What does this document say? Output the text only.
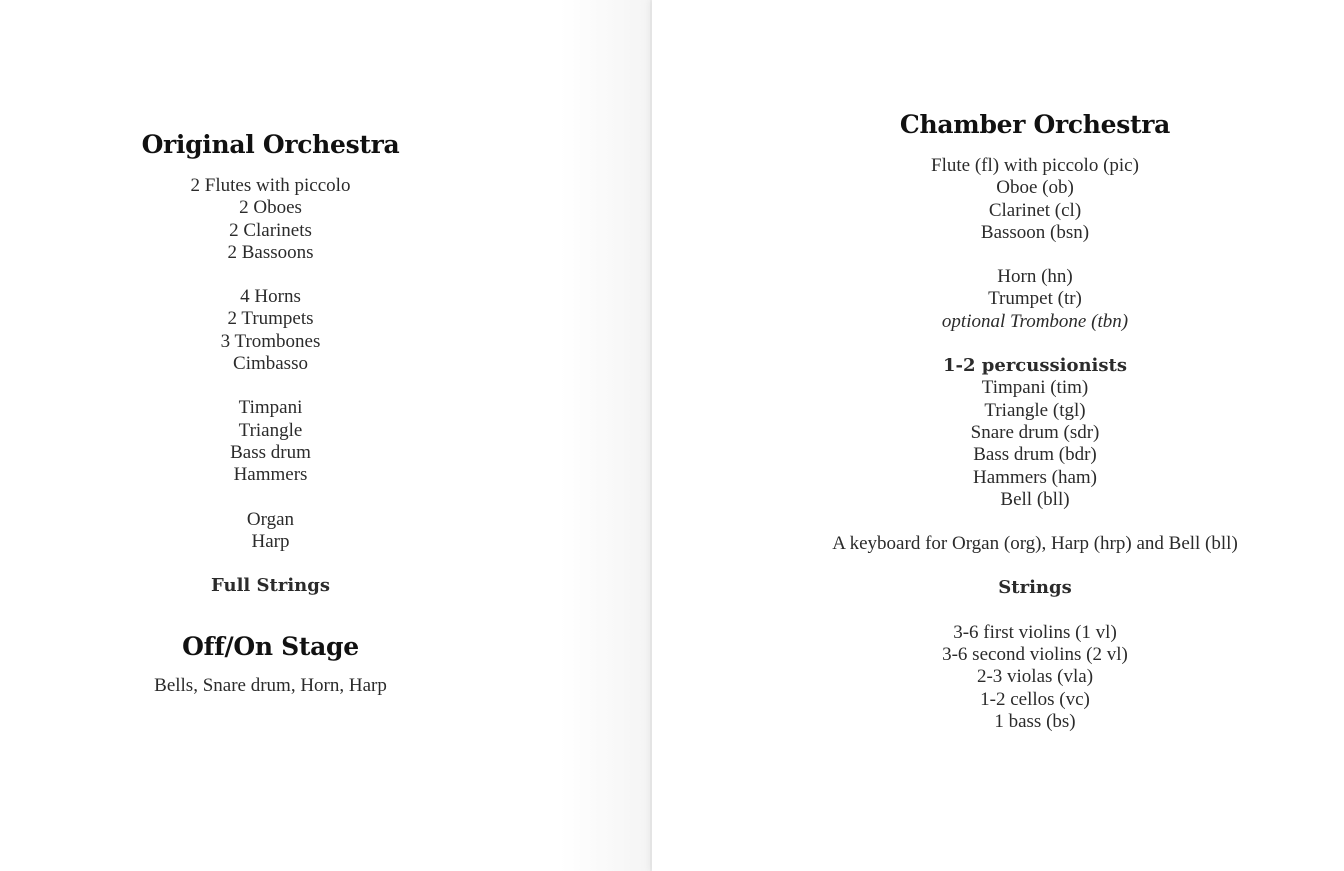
Original Orchestra
2 Flutes with piccolo
2 Oboes
2 Clarinets
2 Bassoons
4 Horns
2 Trumpets
3 Trombones
Cimbasso
Timpani
Triangle
Bass drum
Hammers
Organ
Harp
Full Strings
Off/On Stage
Bells, Snare drum, Horn, Harp
Chamber Orchestra
Flute (fl) with piccolo (pic)
Oboe (ob)
Clarinet (cl)
Bassoon (bsn)
Horn (hn)
Trumpet (tr)
optional Trombone (tbn)
1-2 percussionists
Timpani (tim)
Triangle (tgl)
Snare drum (sdr)
Bass drum (bdr)
Hammers (ham)
Bell (bll)
A keyboard for Organ (org), Harp (hrp) and Bell (bll)
Strings
3-6 first violins (1 vl)
3-6 second violins (2 vl)
2-3 violas (vla)
1-2 cellos (vc)
1 bass (bs)
